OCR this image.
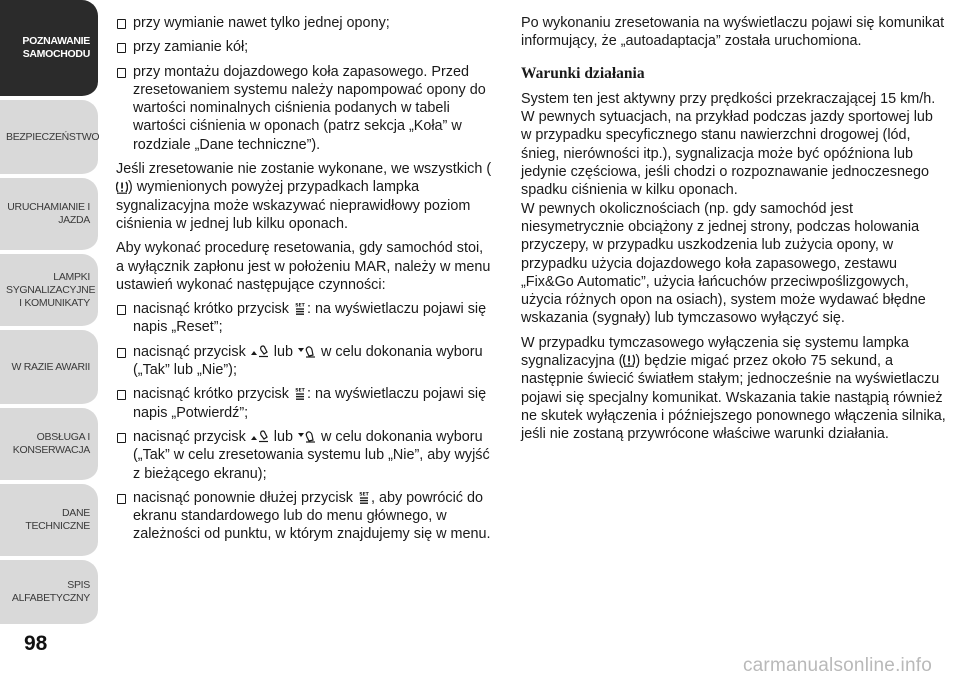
POZNAWANIE SAMOCHODU
BEZPIECZEŃSTWO
URUCHAMIANIE I JAZDA
LAMPKI SYGNALIZACYJNE I KOMUNIKATY
W RAZIE AWARII
OBSŁUGA I KONSERWACJA
DANE TECHNICZNE
SPIS ALFABETYCZNY
98
przy wymianie nawet tylko jednej opony;
przy zamianie kół;
przy montażu dojazdowego koła zapasowego. Przed zresetowaniem systemu należy napompować opony do wartości nominalnych ciśnienia podanych w tabeli wartości ciśnienia w oponach (patrz sekcja „Koła” w rozdziale „Dane techniczne”).

Jeśli zresetowanie nie zostanie wykonane, we wszystkich (
) wymienionych powyżej przypadkach lampka sygnalizacyjna może wskazywać nieprawidłowy poziom ciśnienia w jednej lub kilku oponach.

Aby wykonać procedurę resetowania, gdy samochód stoi, a wyłącznik zapłonu jest w położeniu MAR, należy w menu ustawień wykonać następujące czynności:

nacisnąć krótko przycisk SET : na wyświetlaczu pojawi się napis „Reset”;
nacisnąć przycisk lub w celu dokonania wyboru („Tak” lub „Nie”);
nacisnąć krótko przycisk SET : na wyświetlaczu pojawi się napis „Potwierdź”;
nacisnąć przycisk lub w celu dokonania wyboru („Tak” w celu zresetowania systemu lub „Nie”, aby wyjść z bieżącego ekranu);
nacisnąć ponownie dłużej przycisk SET , aby powrócić do ekranu standardowego lub do menu głównego, w zależności od punktu, w którym znajdujemy się w menu.

Po wykonaniu zresetowania na wyświetlaczu pojawi się komunikat informujący, że „autoadaptacja” została uruchomiona.

Warunki działania

System ten jest aktywny przy prędkości przekraczającej 15 km/h. W pewnych sytuacjach, na przykład podczas jazdy sportowej lub w przypadku specyficznego stanu nawierzchni drogowej (lód, śnieg, nierówności itp.), sygnalizacja może być opóźniona lub jedynie częściowa, jeśli chodzi o rozpoznawanie jednoczesnego spadku ciśnienia w kilku oponach.

W pewnych okolicznościach (np. gdy samochód jest niesymetrycznie obciążony z jednej strony, podczas holowania przyczepy, w przypadku uszkodzenia lub zużycia opony, w przypadku użycia dojazdowego koła zapasowego, zestawu „Fix&Go Automatic”, użycia łańcuchów przeciwpoślizgowych, użycia różnych opon na osiach), system może wydawać błędne wskazania (sygnały) lub tymczasowo wyłączyć się.

W przypadku tymczasowego wyłączenia się systemu lampka sygnalizacyjna ( ) będzie migać przez około 75 sekund, a następnie świecić światłem stałym; jednocześnie na wyświetlaczu pojawi się specjalny komunikat. Wskazania takie nastąpią również ne skutek wyłączenia i późniejszego ponownego włączenia silnika, jeśli nie zostaną przywrócone właściwe warunki działania.

carmanualsonline.info
